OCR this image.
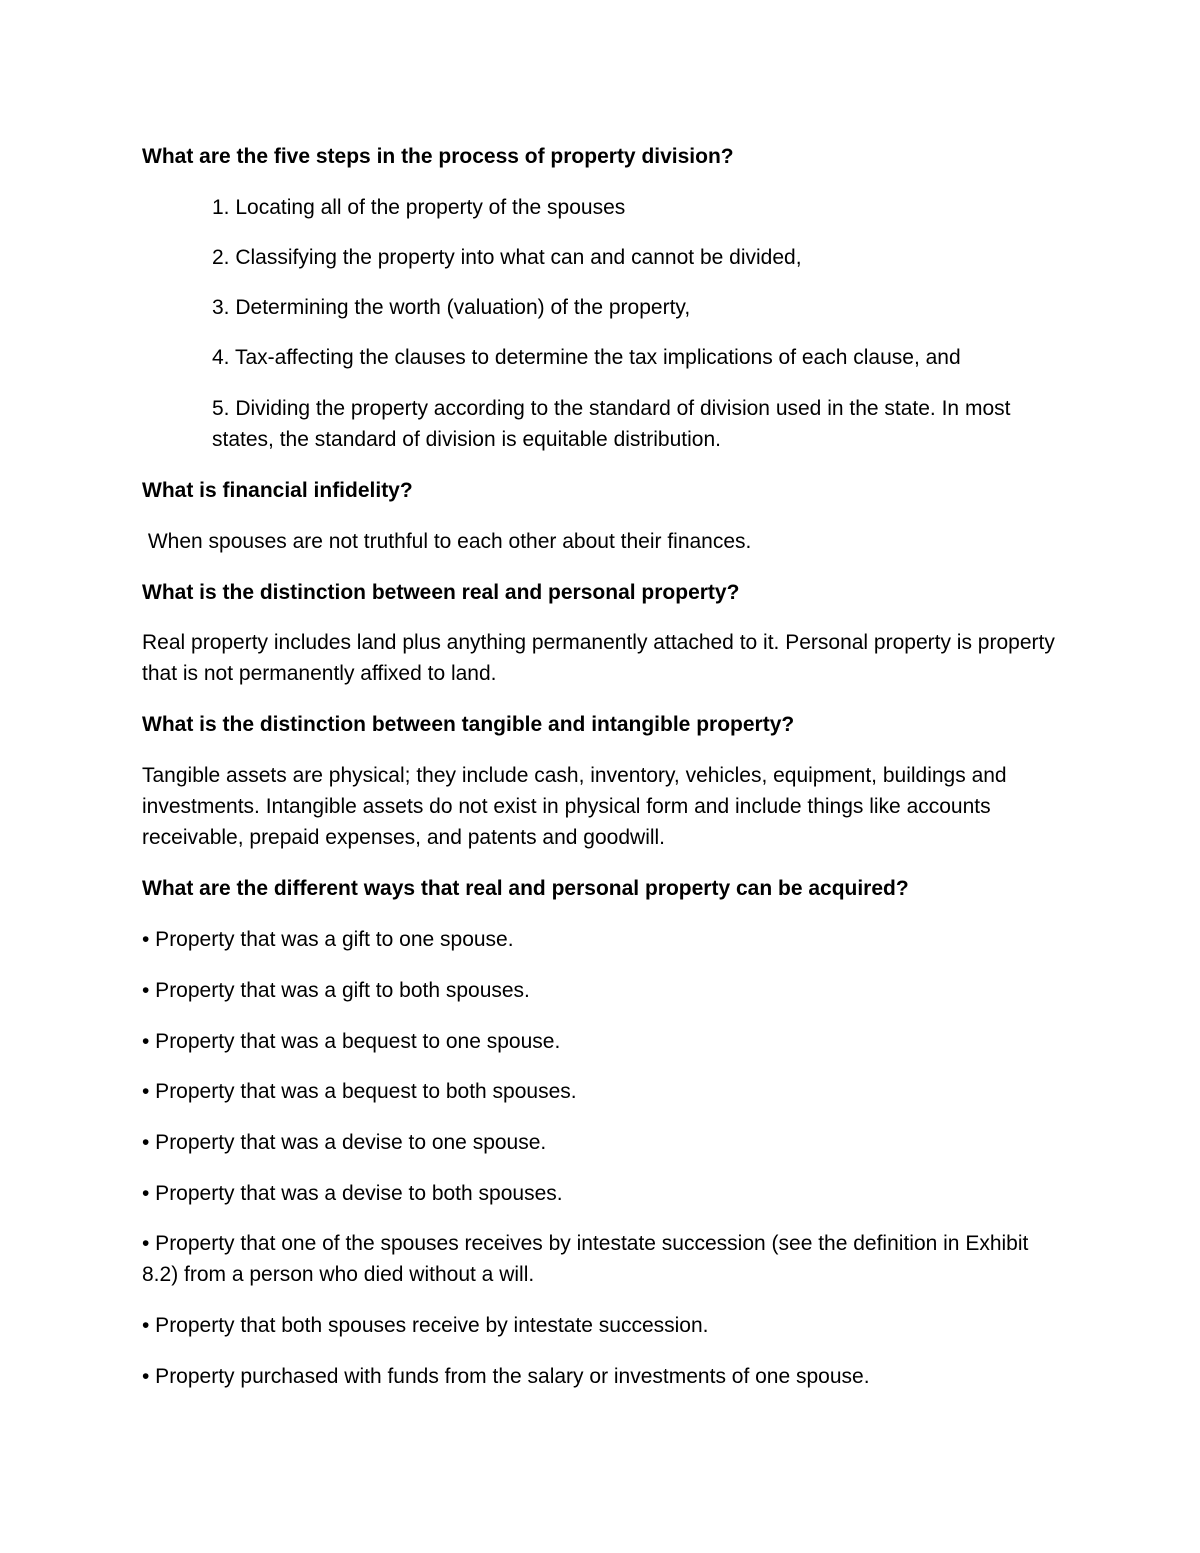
What are the five steps in the process of property division?

1. Locating all of the property of the spouses

2. Classifying the property into what can and cannot be divided,

3. Determining the worth (valuation) of the property,

4. Tax-affecting the clauses to determine the tax implications of each clause, and

5. Dividing the property according to the standard of division used in the state. In most states, the standard of division is equitable distribution.

What is financial infidelity?

When spouses are not truthful to each other about their finances.

What is the distinction between real and personal property?

Real property includes land plus anything permanently attached to it. Personal property is property that is not permanently affixed to land.

What is the distinction between tangible and intangible property?

Tangible assets are physical; they include cash, inventory, vehicles, equipment, buildings and investments. Intangible assets do not exist in physical form and include things like accounts receivable, prepaid expenses, and patents and goodwill.

What are the different ways that real and personal property can be acquired?

• Property that was a gift to one spouse.

• Property that was a gift to both spouses.

• Property that was a bequest to one spouse.

• Property that was a bequest to both spouses.

• Property that was a devise to one spouse.

• Property that was a devise to both spouses.

• Property that one of the spouses receives by intestate succession (see the definition in Exhibit 8.2) from a person who died without a will.

• Property that both spouses receive by intestate succession.

• Property purchased with funds from the salary or investments of one spouse.
